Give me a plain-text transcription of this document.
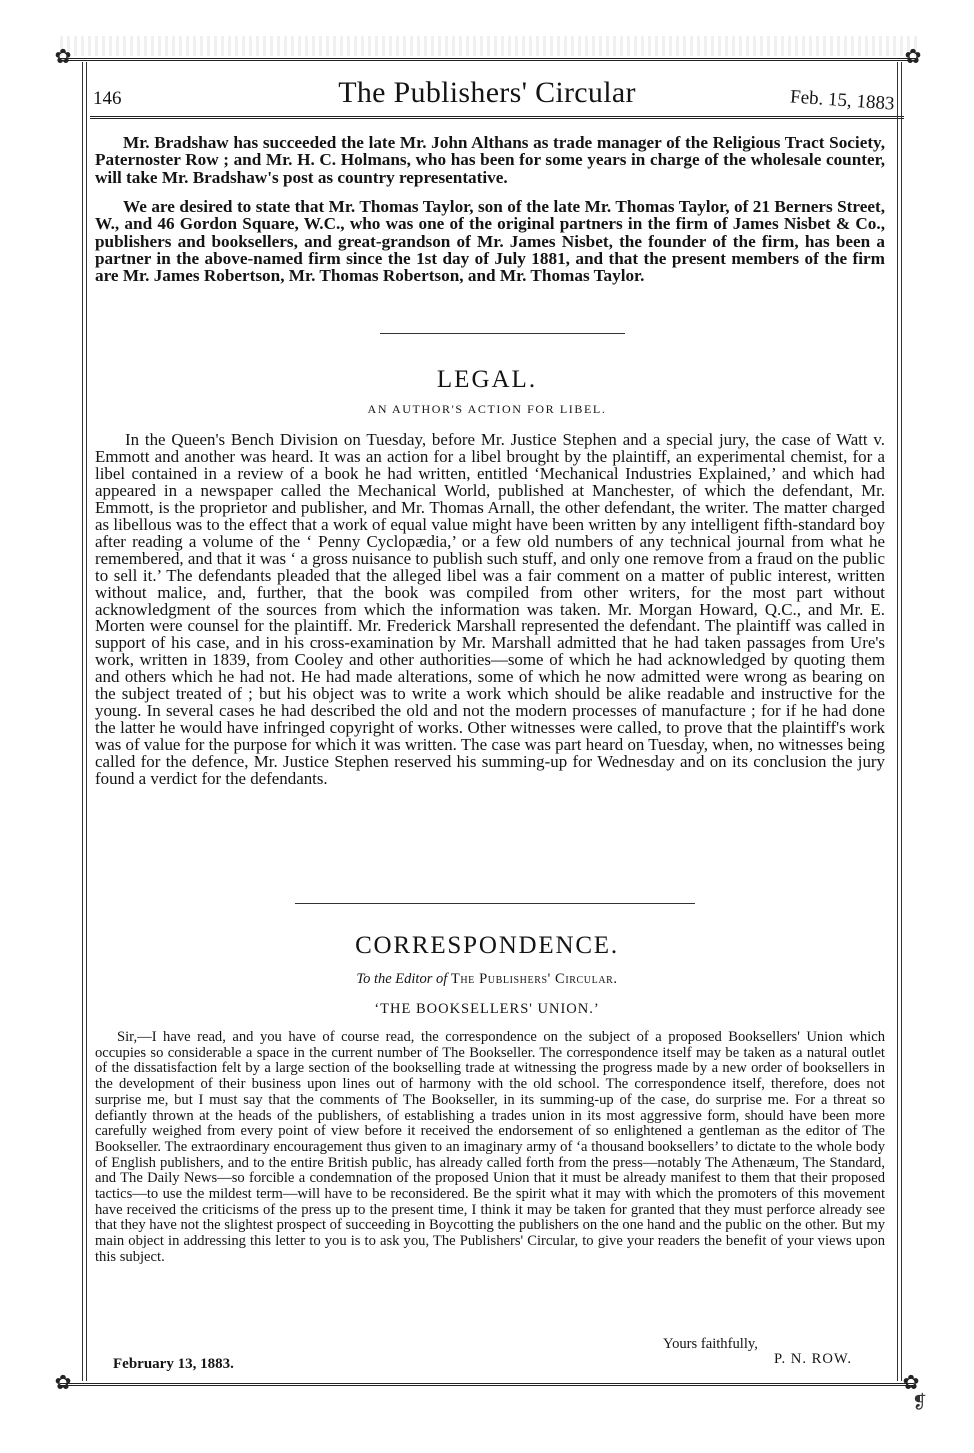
✿	✿
✿	✿
146	The Publishers' Circular	Feb. 15, 1883

Mr. Bradshaw has succeeded the late Mr. John Althans as trade manager of the Religious Tract Society, Paternoster Row ; and Mr. H. C. Holmans, who has been for some years in charge of the wholesale counter, will take Mr. Bradshaw's post as country representative.

We are desired to state that Mr. Thomas Taylor, son of the late Mr. Thomas Taylor, of 21 Berners Street, W., and 46 Gordon Square, W.C., who was one of the original partners in the firm of James Nisbet & Co., publishers and booksellers, and great-grandson of Mr. James Nisbet, the founder of the firm, has been a partner in the above-named firm since the 1st day of July 1881, and that the present members of the firm are Mr. James Robertson, Mr. Thomas Robertson, and Mr. Thomas Taylor.

LEGAL.
AN AUTHOR'S ACTION FOR LIBEL.

In the Queen's Bench Division on Tuesday, before Mr. Justice Stephen and a special jury, the case of Watt v. Emmott and another was heard. It was an action for a libel brought by the plaintiff, an experimental chemist, for a libel contained in a review of a book he had written, entitled ‘Mechanical Industries Explained,’ and which had appeared in a newspaper called the Mechanical World, published at Manchester, of which the defendant, Mr. Emmott, is the proprietor and publisher, and Mr. Thomas Arnall, the other defendant, the writer. The matter charged as libellous was to the effect that a work of equal value might have been written by any intelligent fifth-standard boy after reading a volume of the ‘ Penny Cyclopædia,’ or a few old numbers of any technical journal from what he remembered, and that it was ‘ a gross nuisance to publish such stuff, and only one remove from a fraud on the public to sell it.’ The defendants pleaded that the alleged libel was a fair comment on a matter of public interest, written without malice, and, further, that the book was compiled from other writers, for the most part without acknowledgment of the sources from which the information was taken. Mr. Morgan Howard, Q.C., and Mr. E. Morten were counsel for the plaintiff. Mr. Frederick Marshall represented the defendant. The plaintiff was called in support of his case, and in his cross-examination by Mr. Marshall admitted that he had taken passages from Ure's work, written in 1839, from Cooley and other authorities—some of which he had acknowledged by quoting them and others which he had not. He had made alterations, some of which he now admitted were wrong as bearing on the subject treated of ; but his object was to write a work which should be alike readable and instructive for the young. In several cases he had described the old and not the modern processes of manufacture ; for if he had done the latter he would have infringed copyright of works. Other witnesses were called, to prove that the plaintiff's work was of value for the purpose for which it was written. The case was part heard on Tuesday, when, no witnesses being called for the defence, Mr. Justice Stephen reserved his summing-up for Wednesday and on its conclusion the jury found a verdict for the defendants.

CORRESPONDENCE.
To the Editor of The Publishers' Circular.
‘THE BOOKSELLERS' UNION.’

Sir,—I have read, and you have of course read, the correspondence on the subject of a proposed Booksellers' Union which occupies so considerable a space in the current number of The Bookseller. The correspondence itself may be taken as a natural outlet of the dissatisfaction felt by a large section of the bookselling trade at witnessing the progress made by a new order of booksellers in the development of their business upon lines out of harmony with the old school. The correspondence itself, therefore, does not surprise me, but I must say that the comments of The Bookseller, in its summing-up of the case, do surprise me. For a threat so defiantly thrown at the heads of the publishers, of establishing a trades union in its most aggressive form, should have been more carefully weighed from every point of view before it received the endorsement of so enlightened a gentleman as the editor of The Bookseller. The extraordinary encouragement thus given to an imaginary army of ‘a thousand booksellers’ to dictate to the whole body of English publishers, and to the entire British public, has already called forth from the press—notably The Athenæum, The Standard, and The Daily News—so forcible a condemnation of the proposed Union that it must be already manifest to them that their proposed tactics—to use the mildest term—will have to be reconsidered. Be the spirit what it may with which the promoters of this movement have received the criticisms of the press up to the present time, I think it may be taken for granted that they must perforce already see that they have not the slightest prospect of succeeding in Boycotting the publishers on the one hand and the public on the other. But my main object in addressing this letter to you is to ask you, The Publishers' Circular, to give your readers the benefit of your views upon this subject.

Yours faithfully,
P. N. ROW.
February 13, 1883.
❡
